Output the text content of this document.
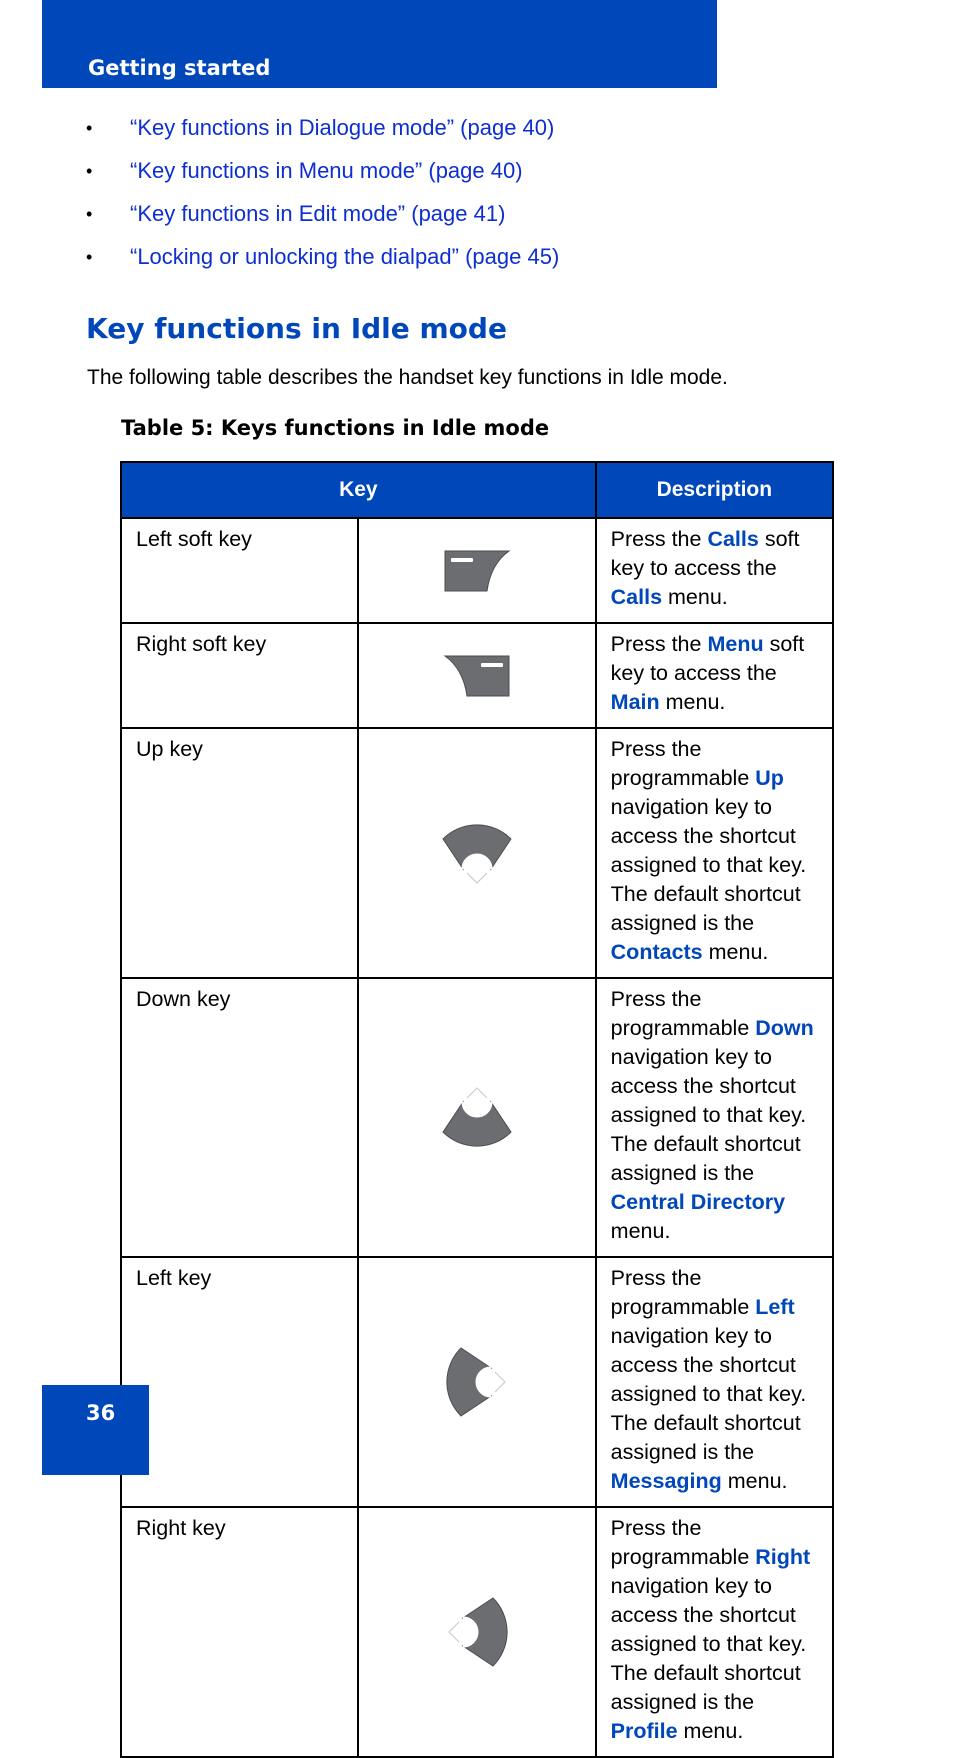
Getting started
• “Key functions in Dialogue mode” (page 40)
• “Key functions in Menu mode” (page 40)
• “Key functions in Edit mode” (page 41)
• “Locking or unlocking the dialpad” (page 45)
Key functions in Idle mode
The following table describes the handset key functions in Idle mode.
Table 5: Keys functions in Idle mode
Key		Description
Left soft key		Press the Calls soft key to access the Calls menu.
Right soft key		Press the Menu soft key to access the Main menu.
Up key		Press the programmable Up navigation key to access the shortcut assigned to that key. The default shortcut assigned is the Contacts menu.
Down key		Press the programmable Down navigation key to access the shortcut assigned to that key. The default shortcut assigned is the Central Directory menu.
Left key		Press the programmable Left navigation key to access the shortcut assigned to that key. The default shortcut assigned is the Messaging menu.
Right key		Press the programmable Right navigation key to access the shortcut assigned to that key. The default shortcut assigned is the Profile menu.
36
